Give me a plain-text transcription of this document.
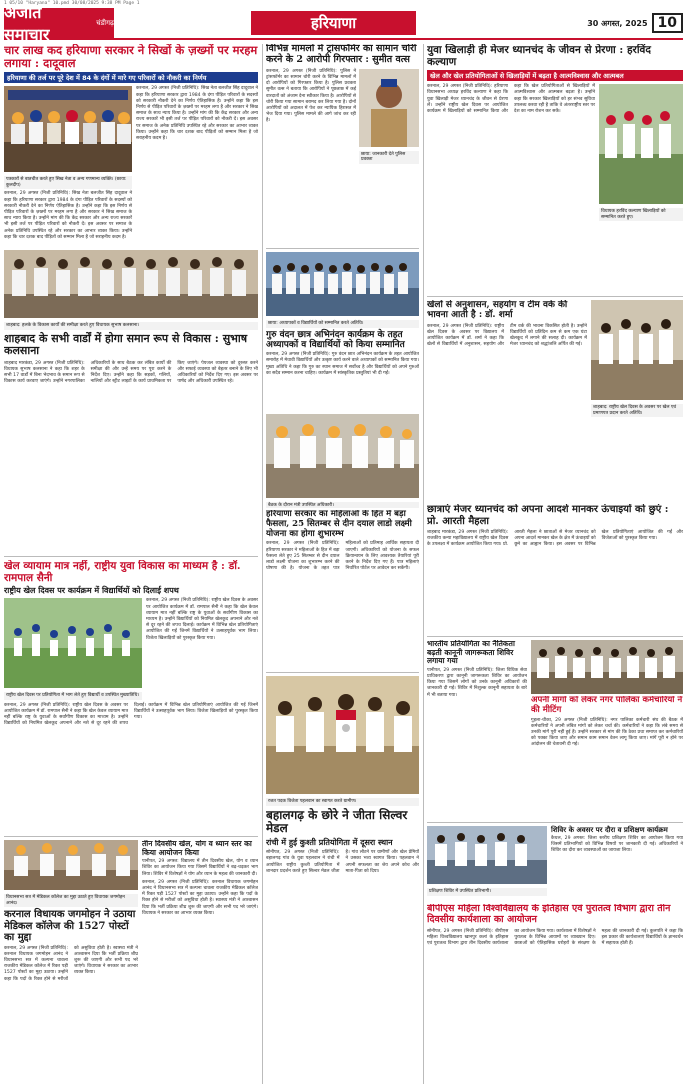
1 05/10 "Haryana" 10.pmd 30/08/2025 9:38 PM Page 1
अजीत समाचार
चंडीगढ़	हरियाणा	30 अगस्त, 2025 10
चार लाख कद हरियाणा सरकार ने सिखों के ज़ख्मों पर मरहम लगाया : दादूवाल
हरियाणा की तर्ज पर पूरे देश में 84 के दंगों में मारे गए परिवारों को नौकरी का निर्णय
पत्रकारों से बातचीत करते हुए सिख नेता व अन्य गणमान्य व्यक्ति। (छाया: कुलदीप)

करनाल, 29 अगस्त (निजी प्रतिनिधि): सिख नेता बलजीत सिंह दादूवाल ने कहा कि हरियाणा सरकार द्वारा 1984 के दंगा पीड़ित परिवारों के सदस्यों को सरकारी नौकरी देने का निर्णय ऐतिहासिक है। उन्होंने कहा कि इस निर्णय से पीड़ित परिवारों के ज़ख्मों पर मरहम लगा है और सरकार ने सिख समाज के साथ न्याय किया है। उन्होंने मांग की कि केंद्र सरकार और अन्य राज्य सरकारें भी इसी तर्ज पर पीड़ित परिवारों को नौकरी दें। इस अवसर पर समाज के अनेक प्रतिनिधि उपस्थित रहे और सरकार का आभार व्यक्त किया। उन्होंने कहा कि चार दशक बाद पीड़ितों को सम्मान मिला है जो सराहनीय कदम है।

करनाल, 29 अगस्त (निजी प्रतिनिधि): सिख नेता बलजीत सिंह दादूवाल ने कहा कि हरियाणा सरकार द्वारा 1984 के दंगा पीड़ित परिवारों के सदस्यों को सरकारी नौकरी देने का निर्णय ऐतिहासिक है। उन्होंने कहा कि इस निर्णय से पीड़ित परिवारों के ज़ख्मों पर मरहम लगा है और सरकार ने सिख समाज के साथ न्याय किया है। उन्होंने मांग की कि केंद्र सरकार और अन्य राज्य सरकारें भी इसी तर्ज पर पीड़ित परिवारों को नौकरी दें। इस अवसर पर समाज के अनेक प्रतिनिधि उपस्थित रहे और सरकार का आभार व्यक्त किया। उन्होंने कहा कि चार दशक बाद पीड़ितों को सम्मान मिला है जो सराहनीय कदम है।

शाहबाद: हलके के विकास कार्यों की समीक्षा करते हुए विधायक सुभाष कलसाना।
शाहबाद के सभी वार्डों में होगा समान रूप से विकास : सुभाष कलसाना

शाहबाद मारकंडा, 29 अगस्त (निजी प्रतिनिधि): विधायक सुभाष कलसाना ने कहा कि शहर के सभी 17 वार्डों में बिना भेदभाव के समान रूप से विकास कार्य करवाए जाएंगे। उन्होंने नगरपालिका अधिकारियों के साथ बैठक कर लंबित कार्यों की समीक्षा की और उन्हें समय पर पूरा करने के निर्देश दिए। उन्होंने कहा कि सड़कों, गलियों, नालियों और स्ट्रीट लाइटों के कार्य प्राथमिकता पर किए जाएंगे। पेयजल व्यवस्था को दुरुस्त करने और सफाई व्यवस्था को बेहतर बनाने के लिए भी अधिकारियों को निर्देश दिए गए। इस अवसर पर पार्षद और अधिकारी उपस्थित रहे।

खेल व्यायाम मात्र नहीं, राष्ट्रीय युवा विकास का माध्यम है : डॉ. रामपाल सैनी
राष्ट्रीय खेल दिवस पर कार्यक्रम में विद्यार्थियों को दिलाई शपथ
राष्ट्रीय खेल दिवस पर प्रतियोगिता में भाग लेते हुए विद्यार्थी व उपस्थित मुख्यातिथि।

करनाल, 29 अगस्त (निजी प्रतिनिधि): राष्ट्रीय खेल दिवस के अवसर पर आयोजित कार्यक्रम में डॉ. रामपाल सैनी ने कहा कि खेल केवल व्यायाम मात्र नहीं बल्कि राष्ट्र के युवाओं के सर्वांगीण विकास का माध्यम है। उन्होंने विद्यार्थियों को नियमित खेलकूद अपनाने और नशे से दूर रहने की शपथ दिलाई। कार्यक्रम में विभिन्न खेल प्रतियोगिताएं आयोजित की गईं जिनमें विद्यार्थियों ने उत्साहपूर्वक भाग लिया। विजेता खिलाड़ियों को पुरस्कृत किया गया।

करनाल, 29 अगस्त (निजी प्रतिनिधि): राष्ट्रीय खेल दिवस के अवसर पर आयोजित कार्यक्रम में डॉ. रामपाल सैनी ने कहा कि खेल केवल व्यायाम मात्र नहीं बल्कि राष्ट्र के युवाओं के सर्वांगीण विकास का माध्यम है। उन्होंने विद्यार्थियों को नियमित खेलकूद अपनाने और नशे से दूर रहने की शपथ दिलाई। कार्यक्रम में विभिन्न खेल प्रतियोगिताएं आयोजित की गईं जिनमें विद्यार्थियों ने उत्साहपूर्वक भाग लिया। विजेता खिलाड़ियों को पुरस्कृत किया गया।

विधानसभा सत्र में मेडिकल कॉलेज का मुद्दा उठाते हुए विधायक जगमोहन आनंद।
करनाल विधायक जगमोहन ने उठाया मेडिकल कॉलेज की 1527 पोस्टों का मुद्दा

करनाल, 29 अगस्त (निजी प्रतिनिधि): करनाल विधायक जगमोहन आनंद ने विधानसभा सत्र में कल्पना चावला राजकीय मेडिकल कॉलेज में रिक्त पड़ी 1527 पोस्टों का मुद्दा उठाया। उन्होंने कहा कि पदों के रिक्त होने से मरीजों को असुविधा होती है। स्वास्थ्य मंत्री ने आश्वासन दिया कि भर्ती प्रक्रिया शीघ्र शुरू की जाएगी और सभी पद भरे जाएंगे। विधायक ने सरकार का आभार व्यक्त किया।

तीन दिवसीय खेल, योग व ध्यान स्तर का किया आयोजन किया

पानीपत, 29 अगस्त: विद्यालय में तीन दिवसीय खेल, योग व ध्यान शिविर का आयोजन किया गया जिसमें विद्यार्थियों ने बढ़-चढ़कर भाग लिया। शिविर में विशेषज्ञों ने योग और ध्यान के महत्व की जानकारी दी।

करनाल, 29 अगस्त (निजी प्रतिनिधि): करनाल विधायक जगमोहन आनंद ने विधानसभा सत्र में कल्पना चावला राजकीय मेडिकल कॉलेज में रिक्त पड़ी 1527 पोस्टों का मुद्दा उठाया। उन्होंने कहा कि पदों के रिक्त होने से मरीजों को असुविधा होती है। स्वास्थ्य मंत्री ने आश्वासन दिया कि भर्ती प्रक्रिया शीघ्र शुरू की जाएगी और सभी पद भरे जाएंगे। विधायक ने सरकार का आभार व्यक्त किया।

विभिन्न मामलों में ट्रांसफॉर्मर का सामान चोरी करने के 2 आरोपी गिरफ्तार : सुमीत वत्स

करनाल, 29 अगस्त (निजी प्रतिनिधि): पुलिस ने ट्रांसफॉर्मर का सामान चोरी करने के विभिन्न मामलों में दो आरोपियों को गिरफ्तार किया है। पुलिस प्रवक्ता सुमीत वत्स ने बताया कि आरोपियों ने पूछताछ में कई वारदातों को अंजाम देना स्वीकार किया है। आरोपियों से चोरी किया गया सामान बरामद कर लिया गया है। दोनों आरोपियों को अदालत में पेश कर न्यायिक हिरासत में भेज दिया गया। पुलिस मामले की आगे जांच कर रही है।

छाया: जानकारी देते पुलिस प्रवक्ता
छाया: अध्यापकों व विद्यार्थियों को सम्मानित करते अतिथि।
गुरु वंदन छात्र अभिनंदन कार्यक्रम के तहत अध्यापकों व विद्यार्थियों को किया सम्मानित

करनाल, 29 अगस्त (निजी प्रतिनिधि): गुरु वंदन छात्र अभिनंदन कार्यक्रम के तहत आयोजित समारोह में मेधावी विद्यार्थियों और उत्कृष्ट कार्य करने वाले अध्यापकों को सम्मानित किया गया। मुख्य अतिथि ने कहा कि गुरु का स्थान समाज में सर्वोच्च है और विद्यार्थियों को अपने गुरुओं का सदैव सम्मान करना चाहिए। कार्यक्रम में सांस्कृतिक प्रस्तुतियां भी दी गईं।

बैठक के दौरान मंत्री उपस्थित अधिकारी।
हरियाणा सरकार का महिलाओं के हित में बड़ा फैसला, 25 सितम्बर से दीन दयाल लाडो लक्ष्मी योजना का होगा शुभारम्भ

करनाल, 29 अगस्त (निजी प्रतिनिधि): हरियाणा सरकार ने महिलाओं के हित में बड़ा फैसला लेते हुए 25 सितम्बर से दीन दयाल लाडो लक्ष्मी योजना का शुभारम्भ करने की घोषणा की है। योजना के तहत पात्र महिलाओं को प्रतिमाह आर्थिक सहायता दी जाएगी। अधिकारियों को योजना के सफल क्रियान्वयन के लिए आवश्यक तैयारियां पूरी करने के निर्देश दिए गए हैं। पात्र महिलाएं निर्धारित पोर्टल पर आवेदन कर सकेंगी।

रजत पदक विजेता पहलवान का स्वागत करते ग्रामीण।
बहालगढ़ के छोरे ने जीता सिल्वर मेडल
रांची में हुई कुश्ती प्रतियोगिता में दूसरा स्थान

सोनीपत, 29 अगस्त (निजी प्रतिनिधि): बहालगढ़ गांव के युवा पहलवान ने रांची में आयोजित राष्ट्रीय कुश्ती प्रतियोगिता में शानदार प्रदर्शन करते हुए सिल्वर मेडल जीता है। गांव लौटने पर ग्रामीणों और खेल प्रेमियों ने उसका भव्य स्वागत किया। पहलवान ने अपनी सफलता का श्रेय अपने कोच और माता-पिता को दिया।

युवा खिलाड़ी ही मेजर ध्यानचंद के जीवन से प्रेरणा : हरविंद कल्याण
खेल और खेल प्रतियोगिताओं से खिलाड़ियों में बढ़ता है आत्मविश्वास और आत्मबल

करनाल, 29 अगस्त (निजी प्रतिनिधि): हरियाणा विधानसभा अध्यक्ष हरविंद कल्याण ने कहा कि युवा खिलाड़ी मेजर ध्यानचंद के जीवन से प्रेरणा लें। उन्होंने राष्ट्रीय खेल दिवस पर आयोजित कार्यक्रम में खिलाड़ियों को सम्मानित किया और कहा कि खेल प्रतियोगिताओं से खिलाड़ियों में आत्मविश्वास और आत्मबल बढ़ता है। उन्होंने कहा कि सरकार खिलाड़ियों को हर संभव सुविधा उपलब्ध करवा रही है ताकि वे अंतरराष्ट्रीय स्तर पर देश का नाम रोशन कर सकें।

विधायक हरविंद कल्याण खिलाड़ियों को सम्मानित करते हुए।
खेलों से अनुशासन, सहयोग व टीम वर्क की भावना आती है : डॉ. शर्मा

करनाल, 29 अगस्त (निजी प्रतिनिधि): राष्ट्रीय खेल दिवस के अवसर पर विद्यालय में आयोजित कार्यक्रम में डॉ. शर्मा ने कहा कि खेलों से विद्यार्थियों में अनुशासन, सहयोग और टीम वर्क की भावना विकसित होती है। उन्होंने विद्यार्थियों को प्रतिदिन कम से कम एक घंटा खेलकूद में लगाने की सलाह दी। कार्यक्रम में मेजर ध्यानचंद को श्रद्धांजलि अर्पित की गई।

शाहबाद: राष्ट्रीय खेल दिवस के अवसर पर खेल एवं प्रमाणपत्र प्रदान करते अतिथि।
छात्राएं मेजर ध्यानचंद को अपना आदर्श मानकर ऊंचाइयों को छुएं : प्रो. आरती मैहला

शाहबाद मारकंडा, 29 अगस्त (निजी प्रतिनिधि): राजकीय कन्या महाविद्यालय में राष्ट्रीय खेल दिवस के उपलक्ष्य में कार्यक्रम आयोजित किया गया। प्रो. आरती मैहला ने छात्राओं से मेजर ध्यानचंद को अपना आदर्श मानकर खेल के क्षेत्र में ऊंचाइयों को छूने का आह्वान किया। इस अवसर पर विभिन्न खेल प्रतियोगिताएं आयोजित की गईं और विजेताओं को पुरस्कृत किया गया।

भारतीय प्रतियोगिता का नैतिकता बढ़ती कानूनी जागरूकता शिविर लगाया गया

पानीपत, 29 अगस्त (निजी प्रतिनिधि): जिला विधिक सेवा प्राधिकरण द्वारा कानूनी जागरूकता शिविर का आयोजन किया गया जिसमें लोगों को उनके कानूनी अधिकारों की जानकारी दी गई। शिविर में निशुल्क कानूनी सहायता के बारे में भी बताया गया।	अपनी मांगों को लेकर नगर पालिका कर्मचारियों ने की मीटिंग

गुहला-चीका, 29 अगस्त (निजी प्रतिनिधि): नगर पालिका कर्मचारी संघ की बैठक में कर्मचारियों ने अपनी लंबित मांगों को लेकर चर्चा की। कर्मचारियों ने कहा कि लंबे समय से उनकी मांगें पूरी नहीं हुई हैं। उन्होंने सरकार से मांग की कि ठेका प्रथा समाप्त कर कर्मचारियों को पक्का किया जाए और समान काम समान वेतन लागू किया जाए। मांगें पूरी न होने पर आंदोलन की चेतावनी दी गई।

प्रशिक्षण शिविर में उपस्थित प्रतिभागी।
शिविर के अवसर पर दौरा व प्रशिक्षण कार्यक्रम

कैथल, 29 अगस्त: जिला स्तरीय प्रशिक्षण शिविर का आयोजन किया गया जिसमें प्रतिभागियों को विभिन्न विषयों पर जानकारी दी गई। अधिकारियों ने शिविर का दौरा कर व्यवस्थाओं का जायजा लिया।

बीपीएस महिला विश्वविद्यालय के इतिहास एवं पुरातत्व विभाग द्वारा तीन दिवसीय कार्यशाला का आयोजन

सोनीपत, 29 अगस्त (निजी प्रतिनिधि): बीपीएस महिला विश्वविद्यालय खानपुर कलां के इतिहास एवं पुरातत्व विभाग द्वारा तीन दिवसीय कार्यशाला का आयोजन किया गया। कार्यशाला में विशेषज्ञों ने पुरातत्व के विभिन्न आयामों पर व्याख्यान दिए। छात्राओं को ऐतिहासिक धरोहरों के संरक्षण के महत्व की जानकारी दी गई। कुलपति ने कहा कि इस प्रकार की कार्यशालाएं विद्यार्थियों के ज्ञानवर्धन में सहायक होती हैं।
